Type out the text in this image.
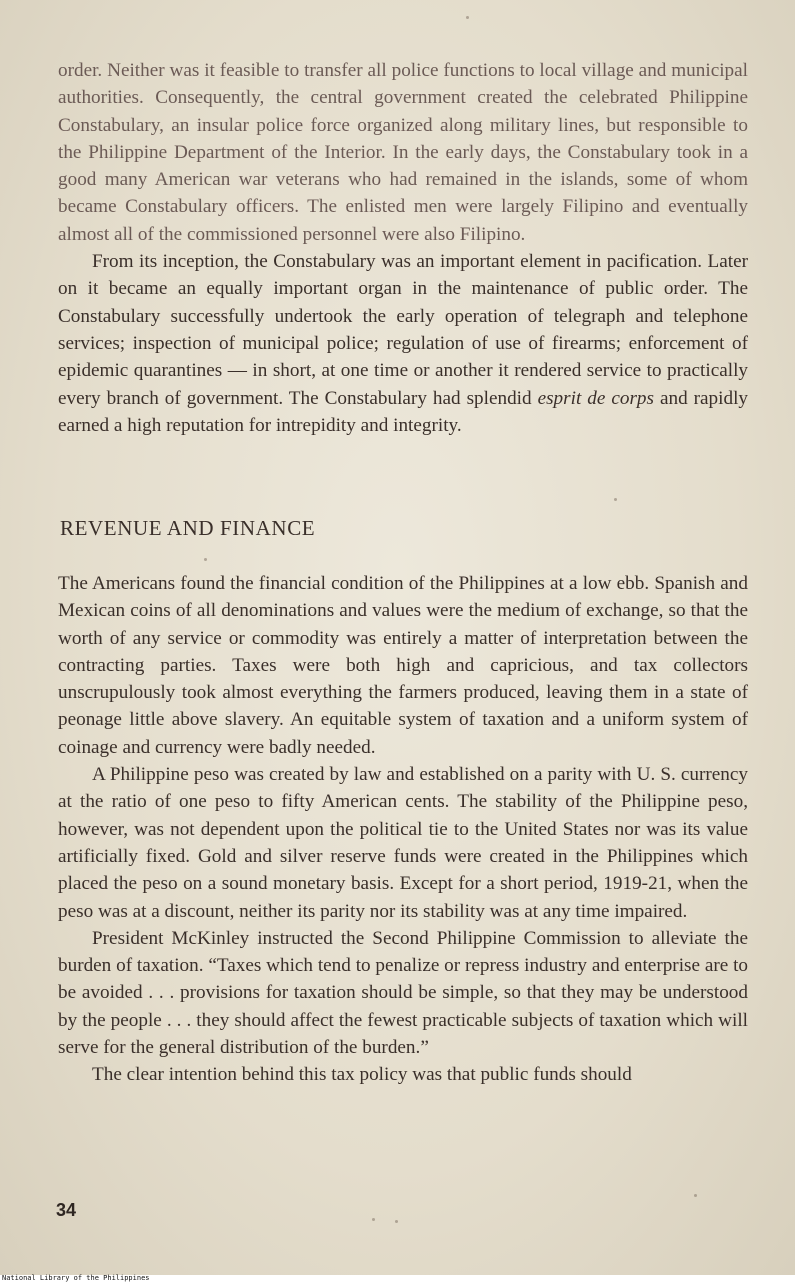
order. Neither was it feasible to transfer all police functions to local village and municipal authorities. Consequently, the central government created the celebrated Philippine Constabulary, an insular police force organized along military lines, but responsible to the Philippine Department of the Interior. In the early days, the Constabulary took in a good many American war veterans who had remained in the islands, some of whom became Constabulary officers. The enlisted men were largely Filipino and eventually almost all of the commissioned personnel were also Filipino.

From its inception, the Constabulary was an important element in pacification. Later on it became an equally important organ in the maintenance of public order. The Constabulary successfully undertook the early operation of telegraph and telephone services; inspection of municipal police; regulation of use of firearms; enforcement of epidemic quarantines — in short, at one time or another it rendered service to practically every branch of government. The Constabulary had splendid esprit de corps and rapidly earned a high reputation for intrepidity and integrity.

REVENUE AND FINANCE

The Americans found the financial condition of the Philippines at a low ebb. Spanish and Mexican coins of all denominations and values were the medium of exchange, so that the worth of any service or commodity was entirely a matter of interpretation between the contracting parties. Taxes were both high and capricious, and tax collectors unscrupulously took almost everything the farmers produced, leaving them in a state of peonage little above slavery. An equitable system of taxation and a uniform system of coinage and currency were badly needed.

A Philippine peso was created by law and established on a parity with U. S. currency at the ratio of one peso to fifty American cents. The stability of the Philippine peso, however, was not dependent upon the political tie to the United States nor was its value artificially fixed. Gold and silver reserve funds were created in the Philippines which placed the peso on a sound monetary basis. Except for a short period, 1919-21, when the peso was at a discount, neither its parity nor its stability was at any time impaired.

President McKinley instructed the Second Philippine Commission to alleviate the burden of taxation. “Taxes which tend to penalize or repress industry and enterprise are to be avoided . . . provisions for taxation should be simple, so that they may be understood by the people . . . they should affect the fewest practicable subjects of taxation which will serve for the general distribution of the burden.”

The clear intention behind this tax policy was that public funds should

34
National Library of the Philippines
